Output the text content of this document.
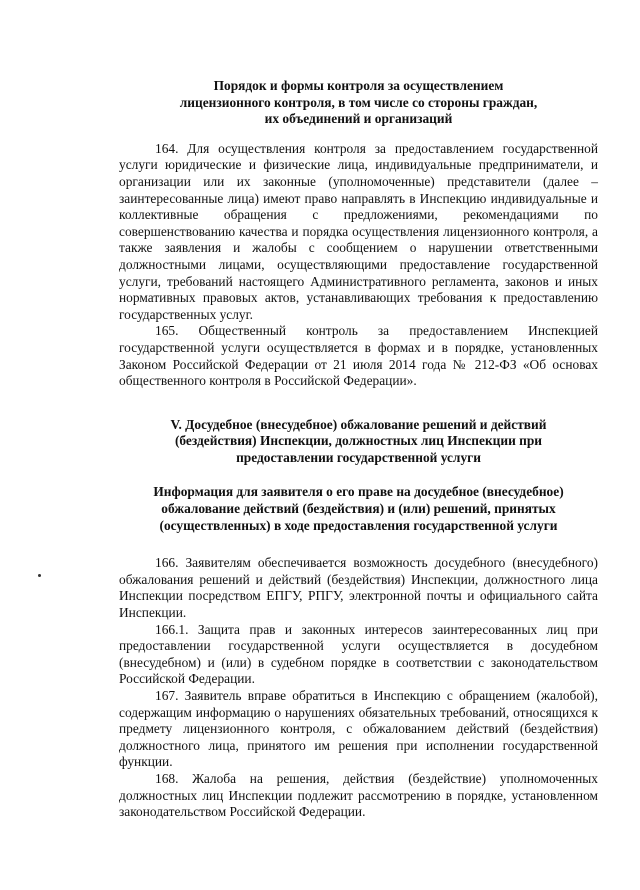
Порядок и формы контроля за осуществлением
лицензионного контроля, в том числе со стороны граждан,
их объединений и организаций

164. Для осуществления контроля за предоставлением государственной услуги юридические и физические лица, индивидуальные предприниматели, и организации или их законные (уполномоченные) представители (далее – заинтересованные лица) имеют право направлять в Инспекцию индивидуальные и коллективные обращения с предложениями, рекомендациями по совершенствованию качества и порядка осуществления лицензионного контроля, а также заявления и жалобы с сообщением о нарушении ответственными должностными лицами, осуществляющими предоставление государственной услуги, требований настоящего Административного регламента, законов и иных нормативных правовых актов, устанавливающих требования к предоставлению государственных услуг.

165. Общественный контроль за предоставлением Инспекцией государственной услуги осуществляется в формах и в порядке, установленных Законом Российской Федерации от 21 июля 2014 года № 212-ФЗ «Об основах общественного контроля в Российской Федерации».

V. Досудебное (внесудебное) обжалование решений и действий
(бездействия) Инспекции, должностных лиц Инспекции при
предоставлении государственной услуги
Информация для заявителя о его праве на досудебное (внесудебное)
обжалование действий (бездействия) и (или) решений, принятых
(осуществленных) в ходе предоставления государственной услуги

166. Заявителям обеспечивается возможность досудебного (внесудебного) обжалования решений и действий (бездействия) Инспекции, должностного лица Инспекции посредством ЕПГУ, РПГУ, электронной почты и официального сайта Инспекции.

166.1. Защита прав и законных интересов заинтересованных лиц при предоставлении государственной услуги осуществляется в досудебном (внесудебном) и (или) в судебном порядке в соответствии с законодательством Российской Федерации.

167. Заявитель вправе обратиться в Инспекцию с обращением (жалобой), содержащим информацию о нарушениях обязательных требований, относящихся к предмету лицензионного контроля, с обжалованием действий (бездействия) должностного лица, принятого им решения при исполнении государственной функции.

168. Жалоба на решения, действия (бездействие) уполномоченных должностных лиц Инспекции подлежит рассмотрению в порядке, установленном законодательством Российской Федерации.
